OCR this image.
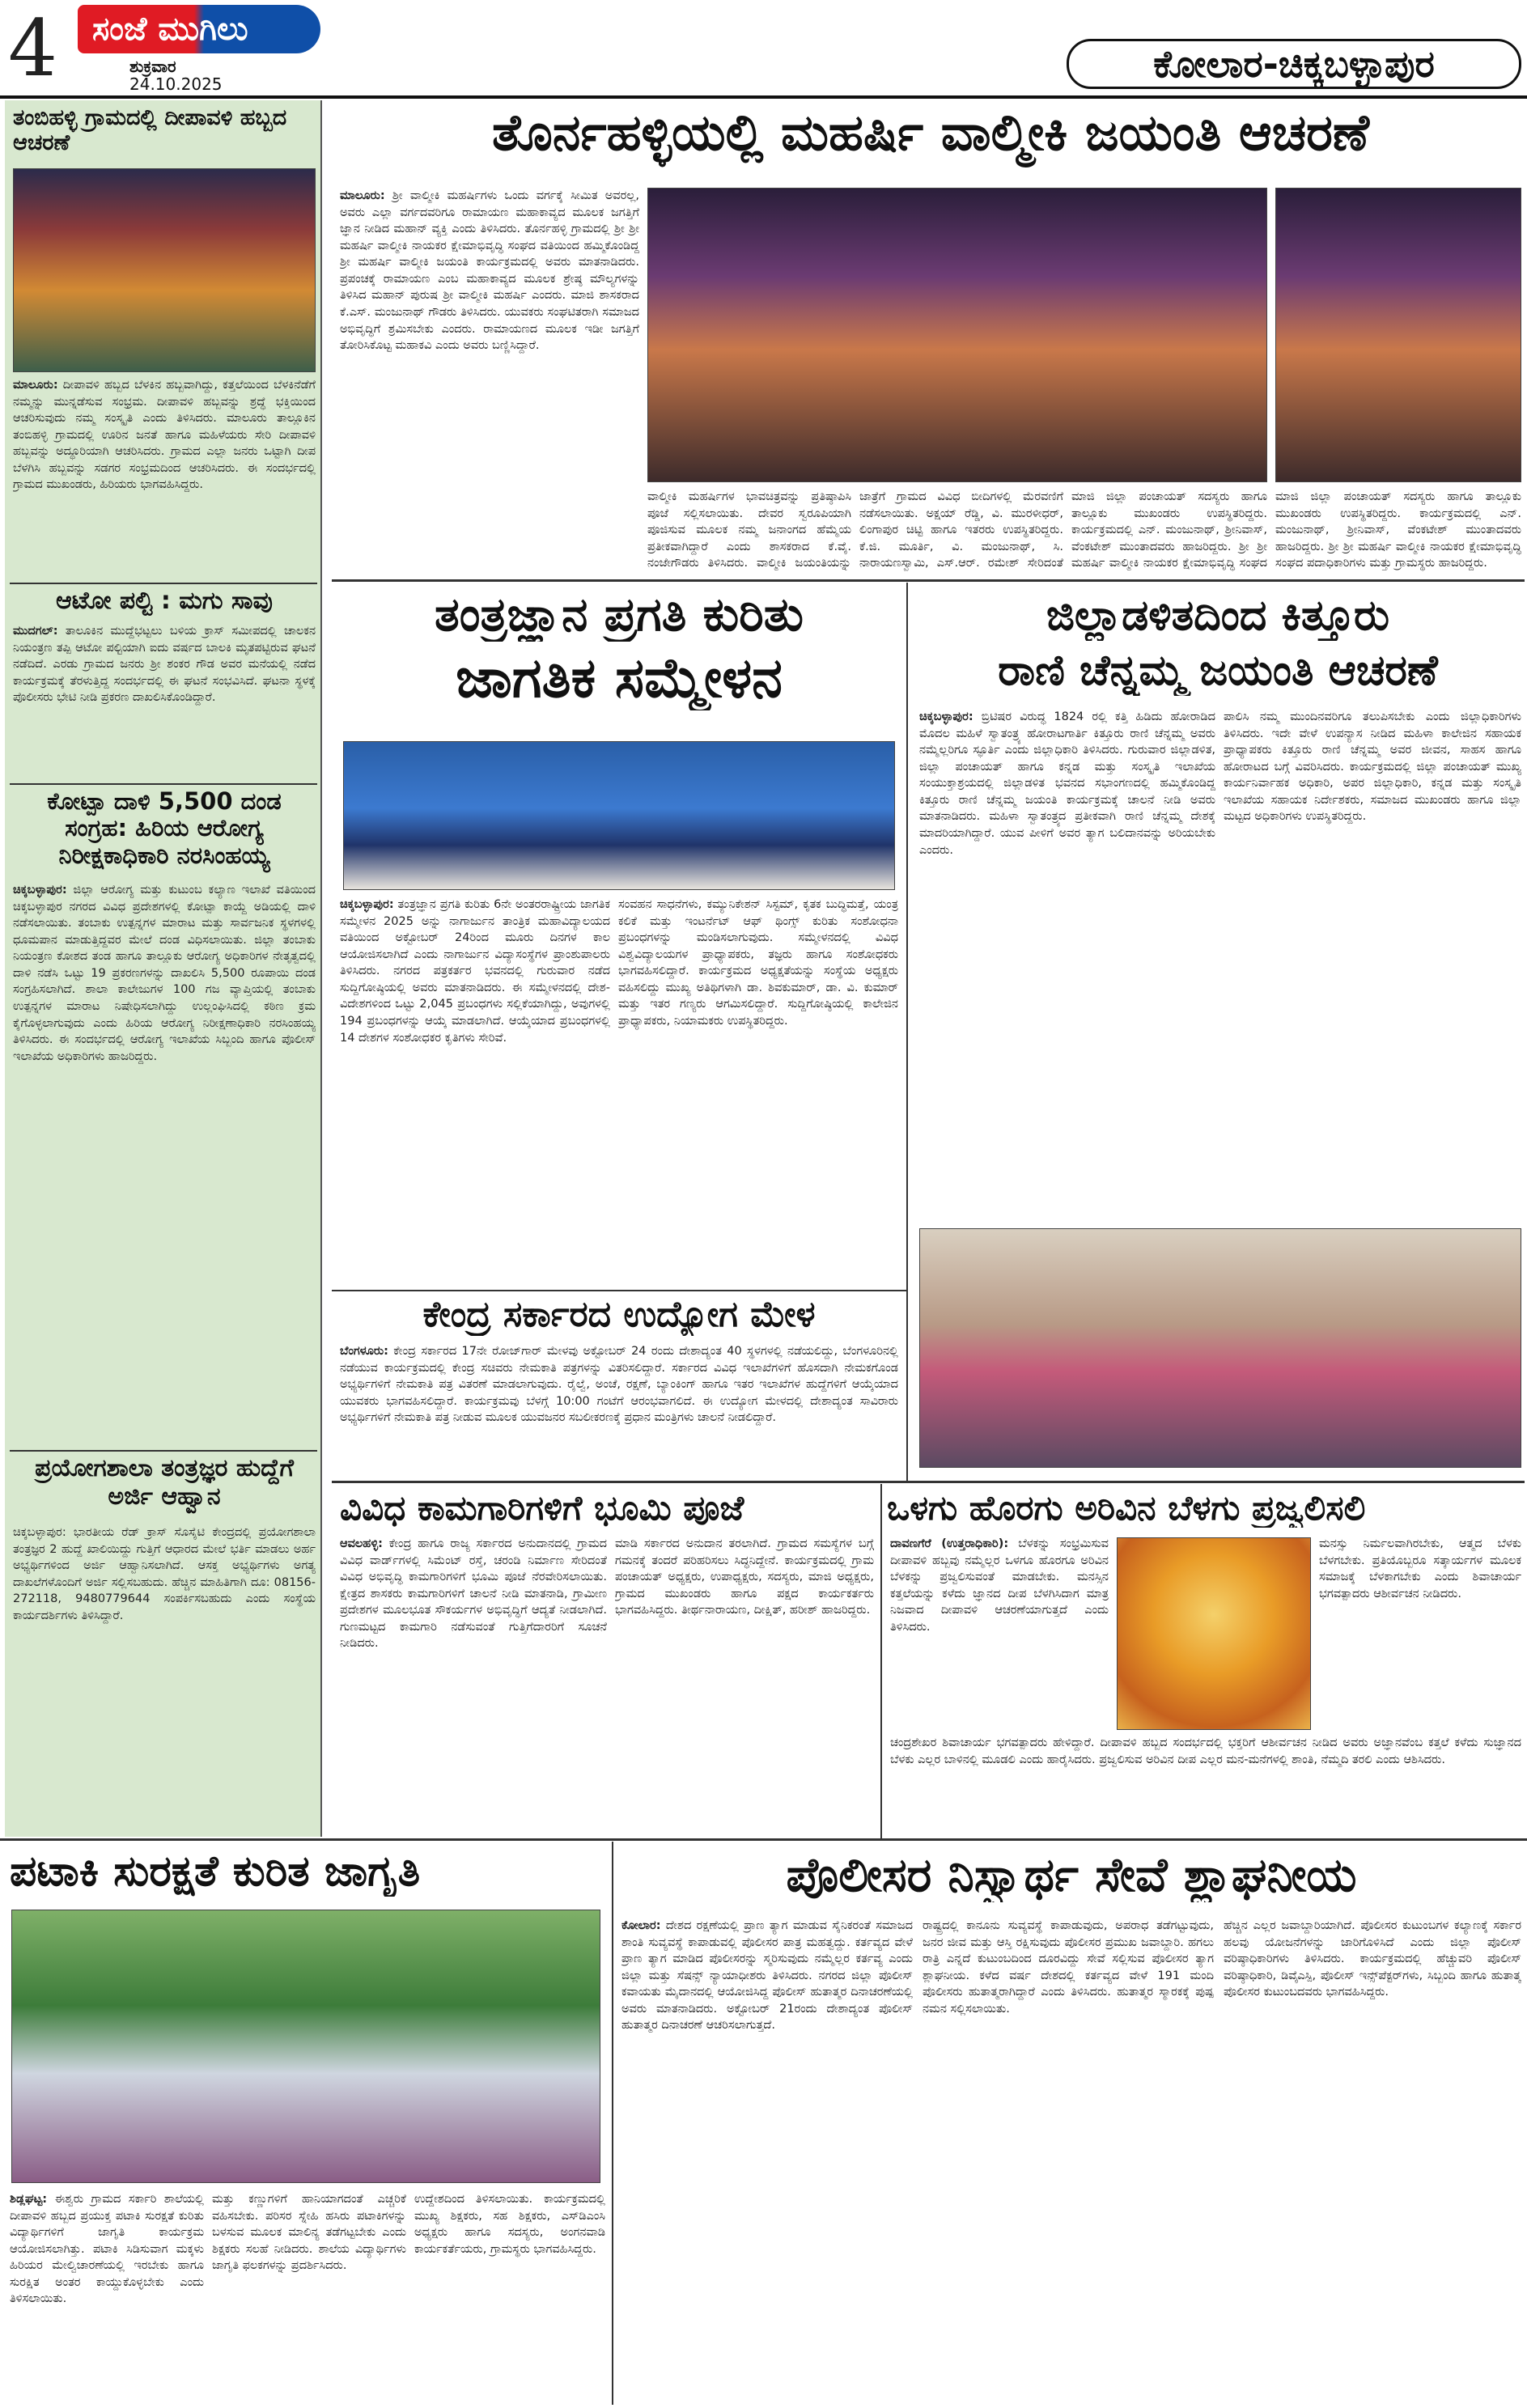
4	ಸಂಜೆ ಮುಗಿಲು
ಶುಕ್ರವಾರ
24.10.2025	ಕೋಲಾರ-ಚಿಕ್ಕಬಳ್ಳಾಪುರ
ತಂಬಿಹಳ್ಳಿ ಗ್ರಾಮದಲ್ಲಿ ದೀಪಾವಳಿ ಹಬ್ಬದ ಆಚರಣೆ
ಮಾಲೂರು: ದೀಪಾವಳಿ ಹಬ್ಬದ ಬೆಳಕಿನ ಹಬ್ಬವಾಗಿದ್ದು, ಕತ್ತಲೆಯಿಂದ ಬೆಳಕಿನೆಡೆಗೆ ನಮ್ಮನ್ನು ಮುನ್ನಡೆಸುವ ಸಂಭ್ರಮ. ದೀಪಾವಳಿ ಹಬ್ಬವನ್ನು ಶ್ರದ್ಧೆ ಭಕ್ತಿಯಿಂದ ಆಚರಿಸುವುದು ನಮ್ಮ ಸಂಸ್ಕೃತಿ ಎಂದು ತಿಳಿಸಿದರು. ಮಾಲೂರು ತಾಲ್ಲೂಕಿನ ತಂಬಿಹಳ್ಳಿ ಗ್ರಾಮದಲ್ಲಿ ಊರಿನ ಜನತೆ ಹಾಗೂ ಮಹಿಳೆಯರು ಸೇರಿ ದೀಪಾವಳಿ ಹಬ್ಬವನ್ನು ಅದ್ಧೂರಿಯಾಗಿ ಆಚರಿಸಿದರು. ಗ್ರಾಮದ ಎಲ್ಲಾ ಜನರು ಒಟ್ಟಾಗಿ ದೀಪ ಬೆಳಗಿಸಿ ಹಬ್ಬವನ್ನು ಸಡಗರ ಸಂಭ್ರಮದಿಂದ ಆಚರಿಸಿದರು. ಈ ಸಂದರ್ಭದಲ್ಲಿ ಗ್ರಾಮದ ಮುಖಂಡರು, ಹಿರಿಯರು ಭಾಗವಹಿಸಿದ್ದರು.
ಆಟೋ ಪಲ್ಟಿ : ಮಗು ಸಾವು
ಮುದಗಲ್: ತಾಲೂಕಿನ ಮುದ್ದೆಭಟ್ಟಲು ಬಳಿಯ ಕ್ರಾಸ್ ಸಮೀಪದಲ್ಲಿ ಚಾಲಕನ ನಿಯಂತ್ರಣ ತಪ್ಪಿ ಆಟೋ ಪಲ್ಟಿಯಾಗಿ ಐದು ವರ್ಷದ ಬಾಲಕಿ ಮೃತಪಟ್ಟಿರುವ ಘಟನೆ ನಡೆದಿದೆ. ಎರಡು ಗ್ರಾಮದ ಜನರು ಶ್ರೀ ಶಂಕರ ಗೌಡ ಅವರ ಮನೆಯಲ್ಲಿ ನಡೆದ ಕಾರ್ಯಕ್ರಮಕ್ಕೆ ತೆರಳುತ್ತಿದ್ದ ಸಂದರ್ಭದಲ್ಲಿ ಈ ಘಟನೆ ಸಂಭವಿಸಿದೆ. ಘಟನಾ ಸ್ಥಳಕ್ಕೆ ಪೊಲೀಸರು ಭೇಟಿ ನೀಡಿ ಪ್ರಕರಣ ದಾಖಲಿಸಿಕೊಂಡಿದ್ದಾರೆ.
ಕೋಟ್ಪಾ ದಾಳಿ 5,500 ದಂಡ ಸಂಗ್ರಹ: ಹಿರಿಯ ಆರೋಗ್ಯ ನಿರೀಕ್ಷಕಾಧಿಕಾರಿ ನರಸಿಂಹಯ್ಯ
ಚಿಕ್ಕಬಳ್ಳಾಪುರ: ಜಿಲ್ಲಾ ಆರೋಗ್ಯ ಮತ್ತು ಕುಟುಂಬ ಕಲ್ಯಾಣ ಇಲಾಖೆ ವತಿಯಿಂದ ಚಿಕ್ಕಬಳ್ಳಾಪುರ ನಗರದ ವಿವಿಧ ಪ್ರದೇಶಗಳಲ್ಲಿ ಕೋಟ್ಪಾ ಕಾಯ್ದೆ ಅಡಿಯಲ್ಲಿ ದಾಳಿ ನಡೆಸಲಾಯಿತು. ತಂಬಾಕು ಉತ್ಪನ್ನಗಳ ಮಾರಾಟ ಮತ್ತು ಸಾರ್ವಜನಿಕ ಸ್ಥಳಗಳಲ್ಲಿ ಧೂಮಪಾನ ಮಾಡುತ್ತಿದ್ದವರ ಮೇಲೆ ದಂಡ ವಿಧಿಸಲಾಯಿತು. ಜಿಲ್ಲಾ ತಂಬಾಕು ನಿಯಂತ್ರಣ ಕೋಶದ ತಂಡ ಹಾಗೂ ತಾಲ್ಲೂಕು ಆರೋಗ್ಯ ಅಧಿಕಾರಿಗಳ ನೇತೃತ್ವದಲ್ಲಿ ದಾಳಿ ನಡೆಸಿ ಒಟ್ಟು 19 ಪ್ರಕರಣಗಳನ್ನು ದಾಖಲಿಸಿ 5,500 ರೂಪಾಯಿ ದಂಡ ಸಂಗ್ರಹಿಸಲಾಗಿದೆ. ಶಾಲಾ ಕಾಲೇಜುಗಳ 100 ಗಜ ವ್ಯಾಪ್ತಿಯಲ್ಲಿ ತಂಬಾಕು ಉತ್ಪನ್ನಗಳ ಮಾರಾಟ ನಿಷೇಧಿಸಲಾಗಿದ್ದು ಉಲ್ಲಂಘಿಸಿದಲ್ಲಿ ಕಠಿಣ ಕ್ರಮ ಕೈಗೊಳ್ಳಲಾಗುವುದು ಎಂದು ಹಿರಿಯ ಆರೋಗ್ಯ ನಿರೀಕ್ಷಣಾಧಿಕಾರಿ ನರಸಿಂಹಯ್ಯ ತಿಳಿಸಿದರು. ಈ ಸಂದರ್ಭದಲ್ಲಿ ಆರೋಗ್ಯ ಇಲಾಖೆಯ ಸಿಬ್ಬಂದಿ ಹಾಗೂ ಪೊಲೀಸ್ ಇಲಾಖೆಯ ಅಧಿಕಾರಿಗಳು ಹಾಜರಿದ್ದರು.
ಪ್ರಯೋಗಶಾಲಾ ತಂತ್ರಜ್ಞರ ಹುದ್ದೆಗೆ ಅರ್ಜಿ ಆಹ್ವಾನ
ಚಿಕ್ಕಬಳ್ಳಾಪುರ: ಭಾರತೀಯ ರೆಡ್ ಕ್ರಾಸ್ ಸೊಸೈಟಿ ಕೇಂದ್ರದಲ್ಲಿ ಪ್ರಯೋಗಶಾಲಾ ತಂತ್ರಜ್ಞರ 2 ಹುದ್ದೆ ಖಾಲಿಯಿದ್ದು ಗುತ್ತಿಗೆ ಆಧಾರದ ಮೇಲೆ ಭರ್ತಿ ಮಾಡಲು ಅರ್ಹ ಅಭ್ಯರ್ಥಿಗಳಿಂದ ಅರ್ಜಿ ಆಹ್ವಾನಿಸಲಾಗಿದೆ. ಆಸಕ್ತ ಅಭ್ಯರ್ಥಿಗಳು ಅಗತ್ಯ ದಾಖಲೆಗಳೊಂದಿಗೆ ಅರ್ಜಿ ಸಲ್ಲಿಸಬಹುದು. ಹೆಚ್ಚಿನ ಮಾಹಿತಿಗಾಗಿ ದೂ: 08156-272118, 9480779644 ಸಂಪರ್ಕಿಸಬಹುದು ಎಂದು ಸಂಸ್ಥೆಯ ಕಾರ್ಯದರ್ಶಿಗಳು ತಿಳಿಸಿದ್ದಾರೆ.
ತೊರ್ನಹಳ್ಳಿಯಲ್ಲಿ ಮಹರ್ಷಿ ವಾಲ್ಮೀಕಿ ಜಯಂತಿ ಆಚರಣೆ
ಮಾಲೂರು: ಶ್ರೀ ವಾಲ್ಮೀಕಿ ಮಹರ್ಷಿಗಳು ಒಂದು ವರ್ಗಕ್ಕೆ ಸೀಮಿತ ಅವರಲ್ಲ, ಅವರು ಎಲ್ಲಾ ವರ್ಗದವರಿಗೂ ರಾಮಾಯಣ ಮಹಾಕಾವ್ಯದ ಮೂಲಕ ಜಗತ್ತಿಗೆ ಜ್ಞಾನ ನೀಡಿದ ಮಹಾನ್ ವ್ಯಕ್ತಿ ಎಂದು ತಿಳಿಸಿದರು. ತೊರ್ನಹಳ್ಳಿ ಗ್ರಾಮದಲ್ಲಿ ಶ್ರೀ ಶ್ರೀ ಮಹರ್ಷಿ ವಾಲ್ಮೀಕಿ ನಾಯಕರ ಕ್ಷೇಮಾಭಿವೃದ್ಧಿ ಸಂಘದ ವತಿಯಿಂದ ಹಮ್ಮಿಕೊಂಡಿದ್ದ ಶ್ರೀ ಮಹರ್ಷಿ ವಾಲ್ಮೀಕಿ ಜಯಂತಿ ಕಾರ್ಯಕ್ರಮದಲ್ಲಿ ಅವರು ಮಾತನಾಡಿದರು. ಪ್ರಪಂಚಕ್ಕೆ ರಾಮಾಯಣ ಎಂಬ ಮಹಾಕಾವ್ಯದ ಮೂಲಕ ಶ್ರೇಷ್ಠ ಮೌಲ್ಯಗಳನ್ನು ತಿಳಿಸಿದ ಮಹಾನ್ ಪುರುಷ ಶ್ರೀ ವಾಲ್ಮೀಕಿ ಮಹರ್ಷಿ ಎಂದರು. ಮಾಜಿ ಶಾಸಕರಾದ ಕೆ.ಎಸ್. ಮಂಜುನಾಥ್ ಗೌಡರು ತಿಳಿಸಿದರು. ಯುವಕರು ಸಂಘಟಿತರಾಗಿ ಸಮಾಜದ ಅಭಿವೃದ್ಧಿಗೆ ಶ್ರಮಿಸಬೇಕು ಎಂದರು. ರಾಮಾಯಣದ ಮೂಲಕ ಇಡೀ ಜಗತ್ತಿಗೆ ತೋರಿಸಿಕೊಟ್ಟ ಮಹಾಕವಿ ಎಂದು ಅವರು ಬಣ್ಣಿಸಿದ್ದಾರೆ.
ವಾಲ್ಮೀಕಿ ಮಹರ್ಷಿಗಳ ಭಾವಚಿತ್ರವನ್ನು ಪ್ರತಿಷ್ಠಾಪಿಸಿ ಪೂಜೆ ಸಲ್ಲಿಸಲಾಯಿತು. ದೇವರ ಸ್ವರೂಪಿಯಾಗಿ ಪೂಜಿಸುವ ಮೂಲಕ ನಮ್ಮ ಜನಾಂಗದ ಹೆಮ್ಮೆಯ ಪ್ರತೀಕವಾಗಿದ್ದಾರೆ ಎಂದು ಶಾಸಕರಾದ ಕೆ.ವೈ. ನಂಜೇಗೌಡರು ತಿಳಿಸಿದರು. ವಾಲ್ಮೀಕಿ ಜಯಂತಿಯನ್ನು
ಜಾತ್ರೆಗೆ ಗ್ರಾಮದ ವಿವಿಧ ಬೀದಿಗಳಲ್ಲಿ ಮೆರವಣಿಗೆ ನಡೆಸಲಾಯಿತು. ಅಕ್ಷಯ್ ರೆಡ್ಡಿ, ವಿ. ಮುರಳೀಧರ್, ಲಿಂಗಾಪುರ ಚಿಟ್ಟಿ ಹಾಗೂ ಇತರರು ಉಪಸ್ಥಿತರಿದ್ದರು. ಕೆ.ಜಿ. ಮೂರ್ತಿ, ವಿ. ಮಂಜುನಾಥ್, ಸಿ. ನಾರಾಯಣಸ್ವಾಮಿ, ಎಸ್.ಆರ್. ರಮೇಶ್ ಸೇರಿದಂತೆ
ಮಾಜಿ ಜಿಲ್ಲಾ ಪಂಚಾಯತ್ ಸದಸ್ಯರು ಹಾಗೂ ತಾಲ್ಲೂಕು ಮುಖಂಡರು ಉಪಸ್ಥಿತರಿದ್ದರು. ಕಾರ್ಯಕ್ರಮದಲ್ಲಿ ಎನ್. ಮಂಜುನಾಥ್, ಶ್ರೀನಿವಾಸ್, ವೆಂಕಟೇಶ್ ಮುಂತಾದವರು ಹಾಜರಿದ್ದರು. ಶ್ರೀ ಶ್ರೀ ಮಹರ್ಷಿ ವಾಲ್ಮೀಕಿ ನಾಯಕರ ಕ್ಷೇಮಾಭಿವೃದ್ಧಿ ಸಂಘದ ಪದಾಧಿಕಾರಿಗಳು ಮತ್ತು ಗ್ರಾಮಸ್ಥರು ಹಾಜರಿದ್ದರು.
ಮಾಜಿ ಜಿಲ್ಲಾ ಪಂಚಾಯತ್ ಸದಸ್ಯರು ಹಾಗೂ ತಾಲ್ಲೂಕು ಮುಖಂಡರು ಉಪಸ್ಥಿತರಿದ್ದರು. ಕಾರ್ಯಕ್ರಮದಲ್ಲಿ ಎನ್. ಮಂಜುನಾಥ್, ಶ್ರೀನಿವಾಸ್, ವೆಂಕಟೇಶ್ ಮುಂತಾದವರು ಹಾಜರಿದ್ದರು. ಶ್ರೀ ಶ್ರೀ ಮಹರ್ಷಿ ವಾಲ್ಮೀಕಿ ನಾಯಕರ ಕ್ಷೇಮಾಭಿವೃದ್ಧಿ ಸಂಘದ
ತಂತ್ರಜ್ಞಾನ ಪ್ರಗತಿ ಕುರಿತು
ಜಾಗತಿಕ ಸಮ್ಮೇಳನ
ಚಿಕ್ಕಬಳ್ಳಾಪುರ: ತಂತ್ರಜ್ಞಾನ ಪ್ರಗತಿ ಕುರಿತು 6ನೇ ಅಂತರರಾಷ್ಟ್ರೀಯ ಜಾಗತಿಕ ಸಮ್ಮೇಳನ 2025 ಅನ್ನು ನಾಗಾರ್ಜುನ ತಾಂತ್ರಿಕ ಮಹಾವಿದ್ಯಾಲಯದ ವತಿಯಿಂದ ಅಕ್ಟೋಬರ್ 24ರಿಂದ ಮೂರು ದಿನಗಳ ಕಾಲ ಆಯೋಜಿಸಲಾಗಿದೆ ಎಂದು ನಾಗಾರ್ಜುನ ವಿದ್ಯಾಸಂಸ್ಥೆಗಳ ಪ್ರಾಂಶುಪಾಲರು ತಿಳಿಸಿದರು. ನಗರದ ಪತ್ರಕರ್ತರ ಭವನದಲ್ಲಿ ಗುರುವಾರ ನಡೆದ ಸುದ್ದಿಗೋಷ್ಠಿಯಲ್ಲಿ ಅವರು ಮಾತನಾಡಿದರು. ಈ ಸಮ್ಮೇಳನದಲ್ಲಿ ದೇಶ-ವಿದೇಶಗಳಿಂದ ಒಟ್ಟು 2,045 ಪ್ರಬಂಧಗಳು ಸಲ್ಲಿಕೆಯಾಗಿದ್ದು, ಅವುಗಳಲ್ಲಿ 194 ಪ್ರಬಂಧಗಳನ್ನು ಆಯ್ಕೆ ಮಾಡಲಾಗಿದೆ. ಆಯ್ಕೆಯಾದ ಪ್ರಬಂಧಗಳಲ್ಲಿ 14 ದೇಶಗಳ ಸಂಶೋಧಕರ ಕೃತಿಗಳು ಸೇರಿವೆ.
ಸಂವಹನ ಸಾಧನೆಗಳು, ಕಮ್ಯುನಿಕೇಶನ್ ಸಿಸ್ಟಮ್, ಕೃತಕ ಬುದ್ಧಿಮತ್ತೆ, ಯಂತ್ರ ಕಲಿಕೆ ಮತ್ತು ಇಂಟರ್ನೆಟ್ ಆಫ್ ಥಿಂಗ್ಸ್ ಕುರಿತು ಸಂಶೋಧನಾ ಪ್ರಬಂಧಗಳನ್ನು ಮಂಡಿಸಲಾಗುವುದು. ಸಮ್ಮೇಳನದಲ್ಲಿ ವಿವಿಧ ವಿಶ್ವವಿದ್ಯಾಲಯಗಳ ಪ್ರಾಧ್ಯಾಪಕರು, ತಜ್ಞರು ಹಾಗೂ ಸಂಶೋಧಕರು ಭಾಗವಹಿಸಲಿದ್ದಾರೆ. ಕಾರ್ಯಕ್ರಮದ ಅಧ್ಯಕ್ಷತೆಯನ್ನು ಸಂಸ್ಥೆಯ ಅಧ್ಯಕ್ಷರು ವಹಿಸಲಿದ್ದು ಮುಖ್ಯ ಅತಿಥಿಗಳಾಗಿ ಡಾ. ಶಿವಕುಮಾರ್, ಡಾ. ವಿ. ಕುಮಾರ್ ಮತ್ತು ಇತರ ಗಣ್ಯರು ಆಗಮಿಸಲಿದ್ದಾರೆ. ಸುದ್ದಿಗೋಷ್ಠಿಯಲ್ಲಿ ಕಾಲೇಜಿನ ಪ್ರಾಧ್ಯಾಪಕರು, ನಿಯಾಮಕರು ಉಪಸ್ಥಿತರಿದ್ದರು.
ಕೇಂದ್ರ ಸರ್ಕಾರದ ಉದ್ಯೋಗ ಮೇಳ
ಬೆಂಗಳೂರು: ಕೇಂದ್ರ ಸರ್ಕಾರದ 17ನೇ ರೋಜ್‌ಗಾರ್ ಮೇಳವು ಅಕ್ಟೋಬರ್ 24 ರಂದು ದೇಶಾದ್ಯಂತ 40 ಸ್ಥಳಗಳಲ್ಲಿ ನಡೆಯಲಿದ್ದು, ಬೆಂಗಳೂರಿನಲ್ಲಿ ನಡೆಯುವ ಕಾರ್ಯಕ್ರಮದಲ್ಲಿ ಕೇಂದ್ರ ಸಚಿವರು ನೇಮಕಾತಿ ಪತ್ರಗಳನ್ನು ವಿತರಿಸಲಿದ್ದಾರೆ. ಸರ್ಕಾರದ ವಿವಿಧ ಇಲಾಖೆಗಳಿಗೆ ಹೊಸದಾಗಿ ನೇಮಕಗೊಂಡ ಅಭ್ಯರ್ಥಿಗಳಿಗೆ ನೇಮಕಾತಿ ಪತ್ರ ವಿತರಣೆ ಮಾಡಲಾಗುವುದು. ರೈಲ್ವೆ, ಅಂಚೆ, ರಕ್ಷಣೆ, ಬ್ಯಾಂಕಿಂಗ್ ಹಾಗೂ ಇತರ ಇಲಾಖೆಗಳ ಹುದ್ದೆಗಳಿಗೆ ಆಯ್ಕೆಯಾದ ಯುವಕರು ಭಾಗವಹಿಸಲಿದ್ದಾರೆ. ಕಾರ್ಯಕ್ರಮವು ಬೆಳಗ್ಗೆ 10:00 ಗಂಟೆಗೆ ಆರಂಭವಾಗಲಿದೆ. ಈ ಉದ್ಯೋಗ ಮೇಳದಲ್ಲಿ ದೇಶಾದ್ಯಂತ ಸಾವಿರಾರು ಅಭ್ಯರ್ಥಿಗಳಿಗೆ ನೇಮಕಾತಿ ಪತ್ರ ನೀಡುವ ಮೂಲಕ ಯುವಜನರ ಸಬಲೀಕರಣಕ್ಕೆ ಪ್ರಧಾನ ಮಂತ್ರಿಗಳು ಚಾಲನೆ ನೀಡಲಿದ್ದಾರೆ.
ಜಿಲ್ಲಾಡಳಿತದಿಂದ ಕಿತ್ತೂರು
ರಾಣಿ ಚೆನ್ನಮ್ಮ ಜಯಂತಿ ಆಚರಣೆ
ಚಿಕ್ಕಬಳ್ಳಾಪುರ: ಬ್ರಿಟಿಷರ ವಿರುದ್ಧ 1824 ರಲ್ಲಿ ಕತ್ತಿ ಹಿಡಿದು ಹೋರಾಡಿದ ಮೊದಲ ಮಹಿಳೆ ಸ್ವಾತಂತ್ರ್ಯ ಹೋರಾಟಗಾರ್ತಿ ಕಿತ್ತೂರು ರಾಣಿ ಚೆನ್ನಮ್ಮ ಅವರು ನಮ್ಮೆಲ್ಲರಿಗೂ ಸ್ಫೂರ್ತಿ ಎಂದು ಜಿಲ್ಲಾಧಿಕಾರಿ ತಿಳಿಸಿದರು. ಗುರುವಾರ ಜಿಲ್ಲಾಡಳಿತ, ಜಿಲ್ಲಾ ಪಂಚಾಯತ್ ಹಾಗೂ ಕನ್ನಡ ಮತ್ತು ಸಂಸ್ಕೃತಿ ಇಲಾಖೆಯ ಸಂಯುಕ್ತಾಶ್ರಯದಲ್ಲಿ ಜಿಲ್ಲಾಡಳಿತ ಭವನದ ಸಭಾಂಗಣದಲ್ಲಿ ಹಮ್ಮಿಕೊಂಡಿದ್ದ ಕಿತ್ತೂರು ರಾಣಿ ಚೆನ್ನಮ್ಮ ಜಯಂತಿ ಕಾರ್ಯಕ್ರಮಕ್ಕೆ ಚಾಲನೆ ನೀಡಿ ಅವರು ಮಾತನಾಡಿದರು. ಮಹಿಳಾ ಸ್ವಾತಂತ್ರ್ಯದ ಪ್ರತೀಕವಾಗಿ ರಾಣಿ ಚೆನ್ನಮ್ಮ ದೇಶಕ್ಕೆ ಮಾದರಿಯಾಗಿದ್ದಾರೆ. ಯುವ ಪೀಳಿಗೆ ಅವರ ತ್ಯಾಗ ಬಲಿದಾನವನ್ನು ಅರಿಯಬೇಕು ಎಂದರು.
ಪಾಲಿಸಿ ನಮ್ಮ ಮುಂದಿನವರಿಗೂ ತಲುಪಿಸಬೇಕು ಎಂದು ಜಿಲ್ಲಾಧಿಕಾರಿಗಳು ತಿಳಿಸಿದರು. ಇದೇ ವೇಳೆ ಉಪನ್ಯಾಸ ನೀಡಿದ ಮಹಿಳಾ ಕಾಲೇಜಿನ ಸಹಾಯಕ ಪ್ರಾಧ್ಯಾಪಕರು ಕಿತ್ತೂರು ರಾಣಿ ಚೆನ್ನಮ್ಮ ಅವರ ಜೀವನ, ಸಾಹಸ ಹಾಗೂ ಹೋರಾಟದ ಬಗ್ಗೆ ವಿವರಿಸಿದರು. ಕಾರ್ಯಕ್ರಮದಲ್ಲಿ ಜಿಲ್ಲಾ ಪಂಚಾಯತ್ ಮುಖ್ಯ ಕಾರ್ಯನಿರ್ವಾಹಕ ಅಧಿಕಾರಿ, ಅಪರ ಜಿಲ್ಲಾಧಿಕಾರಿ, ಕನ್ನಡ ಮತ್ತು ಸಂಸ್ಕೃತಿ ಇಲಾಖೆಯ ಸಹಾಯಕ ನಿರ್ದೇಶಕರು, ಸಮಾಜದ ಮುಖಂಡರು ಹಾಗೂ ಜಿಲ್ಲಾ ಮಟ್ಟದ ಅಧಿಕಾರಿಗಳು ಉಪಸ್ಥಿತರಿದ್ದರು.
ವಿವಿಧ ಕಾಮಗಾರಿಗಳಿಗೆ ಭೂಮಿ ಪೂಜೆ
ಆವಲಹಳ್ಳಿ: ಕೇಂದ್ರ ಹಾಗೂ ರಾಜ್ಯ ಸರ್ಕಾರದ ಅನುದಾನದಲ್ಲಿ ಗ್ರಾಮದ ವಿವಿಧ ವಾರ್ಡ್‌ಗಳಲ್ಲಿ ಸಿಮೆಂಟ್ ರಸ್ತೆ, ಚರಂಡಿ ನಿರ್ಮಾಣ ಸೇರಿದಂತೆ ವಿವಿಧ ಅಭಿವೃದ್ಧಿ ಕಾಮಗಾರಿಗಳಿಗೆ ಭೂಮಿ ಪೂಜೆ ನೆರವೇರಿಸಲಾಯಿತು. ಕ್ಷೇತ್ರದ ಶಾಸಕರು ಕಾಮಗಾರಿಗಳಿಗೆ ಚಾಲನೆ ನೀಡಿ ಮಾತನಾಡಿ, ಗ್ರಾಮೀಣ ಪ್ರದೇಶಗಳ ಮೂಲಭೂತ ಸೌಕರ್ಯಗಳ ಅಭಿವೃದ್ಧಿಗೆ ಆದ್ಯತೆ ನೀಡಲಾಗಿದೆ. ಗುಣಮಟ್ಟದ ಕಾಮಗಾರಿ ನಡೆಸುವಂತೆ ಗುತ್ತಿಗೆದಾರರಿಗೆ ಸೂಚನೆ ನೀಡಿದರು.
ಮಾಡಿ ಸರ್ಕಾರದ ಅನುದಾನ ತರಲಾಗಿದೆ. ಗ್ರಾಮದ ಸಮಸ್ಯೆಗಳ ಬಗ್ಗೆ ಗಮನಕ್ಕೆ ತಂದರೆ ಪರಿಹರಿಸಲು ಸಿದ್ಧನಿದ್ದೇನೆ. ಕಾರ್ಯಕ್ರಮದಲ್ಲಿ ಗ್ರಾಮ ಪಂಚಾಯತ್ ಅಧ್ಯಕ್ಷರು, ಉಪಾಧ್ಯಕ್ಷರು, ಸದಸ್ಯರು, ಮಾಜಿ ಅಧ್ಯಕ್ಷರು, ಗ್ರಾಮದ ಮುಖಂಡರು ಹಾಗೂ ಪಕ್ಷದ ಕಾರ್ಯಕರ್ತರು ಭಾಗವಹಿಸಿದ್ದರು. ತೀರ್ಥನಾರಾಯಣ, ದೀಕ್ಷಿತ್, ಹರೀಶ್ ಹಾಜರಿದ್ದರು.
ಒಳಗು ಹೊರಗು ಅರಿವಿನ ಬೆಳಗು ಪ್ರಜ್ವಲಿಸಲಿ
ದಾವಣಗೆರೆ (ಉತ್ತರಾಧಿಕಾರಿ): ಬೆಳಕನ್ನು ಸಂಭ್ರಮಿಸುವ ದೀಪಾವಳಿ ಹಬ್ಬವು ನಮ್ಮೆಲ್ಲರ ಒಳಗೂ ಹೊರಗೂ ಅರಿವಿನ ಬೆಳಕನ್ನು ಪ್ರಜ್ವಲಿಸುವಂತೆ ಮಾಡಬೇಕು. ಮನಸ್ಸಿನ ಕತ್ತಲೆಯನ್ನು ಕಳೆದು ಜ್ಞಾನದ ದೀಪ ಬೆಳಗಿಸಿದಾಗ ಮಾತ್ರ ನಿಜವಾದ ದೀಪಾವಳಿ ಆಚರಣೆಯಾಗುತ್ತದೆ ಎಂದು ತಿಳಿಸಿದರು.
ಮನಸ್ಸು ನಿರ್ಮಲವಾಗಿರಬೇಕು, ಆತ್ಮದ ಬೆಳಕು ಬೆಳಗಬೇಕು. ಪ್ರತಿಯೊಬ್ಬರೂ ಸತ್ಕಾರ್ಯಗಳ ಮೂಲಕ ಸಮಾಜಕ್ಕೆ ಬೆಳಕಾಗಬೇಕು ಎಂದು ಶಿವಾಚಾರ್ಯ ಭಗವತ್ಪಾದರು ಆಶೀರ್ವಚನ ನೀಡಿದರು.
ಚಂದ್ರಶೇಖರ ಶಿವಾಚಾರ್ಯ ಭಗವತ್ಪಾದರು ಹೇಳಿದ್ದಾರೆ. ದೀಪಾವಳಿ ಹಬ್ಬದ ಸಂದರ್ಭದಲ್ಲಿ ಭಕ್ತರಿಗೆ ಆಶೀರ್ವಚನ ನೀಡಿದ ಅವರು ಅಜ್ಞಾನವೆಂಬ ಕತ್ತಲೆ ಕಳೆದು ಸುಜ್ಞಾನದ ಬೆಳಕು ಎಲ್ಲರ ಬಾಳಿನಲ್ಲಿ ಮೂಡಲಿ ಎಂದು ಹಾರೈಸಿದರು. ಪ್ರಜ್ವಲಿಸುವ ಅರಿವಿನ ದೀಪ ಎಲ್ಲರ ಮನ-ಮನೆಗಳಲ್ಲಿ ಶಾಂತಿ, ನೆಮ್ಮದಿ ತರಲಿ ಎಂದು ಆಶಿಸಿದರು.
ಪಟಾಕಿ ಸುರಕ್ಷತೆ ಕುರಿತ ಜಾಗೃತಿ
ಶಿಡ್ಲಘಟ್ಟ: ಈಶ್ವರು ಗ್ರಾಮದ ಸರ್ಕಾರಿ ಶಾಲೆಯಲ್ಲಿ ದೀಪಾವಳಿ ಹಬ್ಬದ ಪ್ರಯುಕ್ತ ಪಟಾಕಿ ಸುರಕ್ಷತೆ ಕುರಿತು ವಿದ್ಯಾರ್ಥಿಗಳಿಗೆ ಜಾಗೃತಿ ಕಾರ್ಯಕ್ರಮ ಆಯೋಜಿಸಲಾಗಿತ್ತು. ಪಟಾಕಿ ಸಿಡಿಸುವಾಗ ಮಕ್ಕಳು ಹಿರಿಯರ ಮೇಲ್ವಿಚಾರಣೆಯಲ್ಲಿ ಇರಬೇಕು ಹಾಗೂ ಸುರಕ್ಷಿತ ಅಂತರ ಕಾಯ್ದುಕೊಳ್ಳಬೇಕು ಎಂದು ತಿಳಿಸಲಾಯಿತು.
ಮತ್ತು ಕಣ್ಣುಗಳಿಗೆ ಹಾನಿಯಾಗದಂತೆ ಎಚ್ಚರಿಕೆ ವಹಿಸಬೇಕು. ಪರಿಸರ ಸ್ನೇಹಿ ಹಸಿರು ಪಟಾಕಿಗಳನ್ನು ಬಳಸುವ ಮೂಲಕ ಮಾಲಿನ್ಯ ತಡೆಗಟ್ಟಬೇಕು ಎಂದು ಶಿಕ್ಷಕರು ಸಲಹೆ ನೀಡಿದರು. ಶಾಲೆಯ ವಿದ್ಯಾರ್ಥಿಗಳು ಜಾಗೃತಿ ಫಲಕಗಳನ್ನು ಪ್ರದರ್ಶಿಸಿದರು.
ಉದ್ದೇಶದಿಂದ ತಿಳಿಸಲಾಯಿತು. ಕಾರ್ಯಕ್ರಮದಲ್ಲಿ ಮುಖ್ಯ ಶಿಕ್ಷಕರು, ಸಹ ಶಿಕ್ಷಕರು, ಎಸ್‌ಡಿಎಂಸಿ ಅಧ್ಯಕ್ಷರು ಹಾಗೂ ಸದಸ್ಯರು, ಅಂಗನವಾಡಿ ಕಾರ್ಯಕರ್ತೆಯರು, ಗ್ರಾಮಸ್ಥರು ಭಾಗವಹಿಸಿದ್ದರು.
ಪೊಲೀಸರ ನಿಸ್ವಾರ್ಥ ಸೇವೆ ಶ್ಲಾಘನೀಯ
ಕೋಲಾರ: ದೇಶದ ರಕ್ಷಣೆಯಲ್ಲಿ ಪ್ರಾಣ ತ್ಯಾಗ ಮಾಡುವ ಸೈನಿಕರಂತೆ ಸಮಾಜದ ಶಾಂತಿ ಸುವ್ಯವಸ್ಥೆ ಕಾಪಾಡುವಲ್ಲಿ ಪೊಲೀಸರ ಪಾತ್ರ ಮಹತ್ವದ್ದು. ಕರ್ತವ್ಯದ ವೇಳೆ ಪ್ರಾಣ ತ್ಯಾಗ ಮಾಡಿದ ಪೊಲೀಸರನ್ನು ಸ್ಮರಿಸುವುದು ನಮ್ಮೆಲ್ಲರ ಕರ್ತವ್ಯ ಎಂದು ಜಿಲ್ಲಾ ಮತ್ತು ಸೆಷನ್ಸ್ ನ್ಯಾಯಾಧೀಶರು ತಿಳಿಸಿದರು. ನಗರದ ಜಿಲ್ಲಾ ಪೊಲೀಸ್ ಕವಾಯತು ಮೈದಾನದಲ್ಲಿ ಆಯೋಜಿಸಿದ್ದ ಪೊಲೀಸ್ ಹುತಾತ್ಮರ ದಿನಾಚರಣೆಯಲ್ಲಿ ಅವರು ಮಾತನಾಡಿದರು. ಅಕ್ಟೋಬರ್ 21ರಂದು ದೇಶಾದ್ಯಂತ ಪೊಲೀಸ್ ಹುತಾತ್ಮರ ದಿನಾಚರಣೆ ಆಚರಿಸಲಾಗುತ್ತದೆ.
ರಾಷ್ಟ್ರದಲ್ಲಿ ಕಾನೂನು ಸುವ್ಯವಸ್ಥೆ ಕಾಪಾಡುವುದು, ಅಪರಾಧ ತಡೆಗಟ್ಟುವುದು, ಜನರ ಜೀವ ಮತ್ತು ಆಸ್ತಿ ರಕ್ಷಿಸುವುದು ಪೊಲೀಸರ ಪ್ರಮುಖ ಜವಾಬ್ದಾರಿ. ಹಗಲು ರಾತ್ರಿ ಎನ್ನದೆ ಕುಟುಂಬದಿಂದ ದೂರವಿದ್ದು ಸೇವೆ ಸಲ್ಲಿಸುವ ಪೊಲೀಸರ ತ್ಯಾಗ ಶ್ಲಾಘನೀಯ. ಕಳೆದ ವರ್ಷ ದೇಶದಲ್ಲಿ ಕರ್ತವ್ಯದ ವೇಳೆ 191 ಮಂದಿ ಪೊಲೀಸರು ಹುತಾತ್ಮರಾಗಿದ್ದಾರೆ ಎಂದು ತಿಳಿಸಿದರು. ಹುತಾತ್ಮರ ಸ್ಮಾರಕಕ್ಕೆ ಪುಷ್ಪ ನಮನ ಸಲ್ಲಿಸಲಾಯಿತು.
ಹೆಚ್ಚಿನ ಎಲ್ಲರ ಜವಾಬ್ದಾರಿಯಾಗಿದೆ. ಪೊಲೀಸರ ಕುಟುಂಬಗಳ ಕಲ್ಯಾಣಕ್ಕೆ ಸರ್ಕಾರ ಹಲವು ಯೋಜನೆಗಳನ್ನು ಜಾರಿಗೊಳಿಸಿದೆ ಎಂದು ಜಿಲ್ಲಾ ಪೊಲೀಸ್ ವರಿಷ್ಠಾಧಿಕಾರಿಗಳು ತಿಳಿಸಿದರು. ಕಾರ್ಯಕ್ರಮದಲ್ಲಿ ಹೆಚ್ಚುವರಿ ಪೊಲೀಸ್ ವರಿಷ್ಠಾಧಿಕಾರಿ, ಡಿವೈಎಸ್ಪಿ, ಪೊಲೀಸ್ ಇನ್ಸ್‌ಪೆಕ್ಟರ್‌ಗಳು, ಸಿಬ್ಬಂದಿ ಹಾಗೂ ಹುತಾತ್ಮ ಪೊಲೀಸರ ಕುಟುಂಬದವರು ಭಾಗವಹಿಸಿದ್ದರು.
